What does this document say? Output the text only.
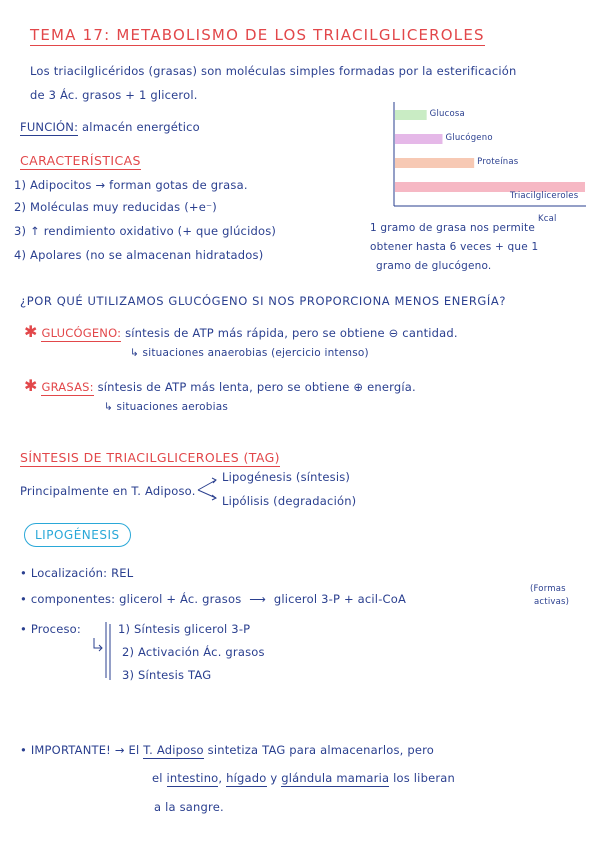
TEMA 17: METABOLISMO DE LOS TRIACILGLICEROLES
Los triacilglicéridos (grasas) son moléculas simples formadas por la esterificación
de 3 Ác. grasos + 1 glicerol.
FUNCIÓN: almacén energético
CARACTERÍSTICAS
1) Adipocitos → forman gotas de grasa.
2) Moléculas muy reducidas (+e⁻)
3) ↑ rendimiento oxidativo (+ que glúcidos)
4) Apolares (no se almacenan hidratados)
Glucosa
Glucógeno
Proteínas
Triacilgliceroles
Kcal
1 gramo de grasa nos permite
obtener hasta 6 veces + que 1
gramo de glucógeno.
¿POR QUÉ UTILIZAMOS GLUCÓGENO SI NOS PROPORCIONA MENOS ENERGÍA?
✱ GLUCÓGENO: síntesis de ATP más rápida, pero se obtiene ⊖ cantidad.
↳ situaciones anaerobias (ejercicio intenso)
✱ GRASAS: síntesis de ATP más lenta, pero se obtiene ⊕ energía.
↳ situaciones aerobias
SÍNTESIS DE TRIACILGLICEROLES (TAG)
Principalmente en T. Adiposo.
Lipogénesis (síntesis)
Lipólisis (degradación)
LIPOGÉNESIS
• Localización: REL
• componentes: glicerol + Ác. grasos ⟶ glicerol 3-P + acil-CoA
(Formas
activas)
• Proceso:	1) Síntesis glicerol 3-P
2) Activación Ác. grasos
3) Síntesis TAG
• IMPORTANTE! → El T. Adiposo sintetiza TAG para almacenarlos, pero
el intestino, hígado y glándula mamaria los liberan
a la sangre.
